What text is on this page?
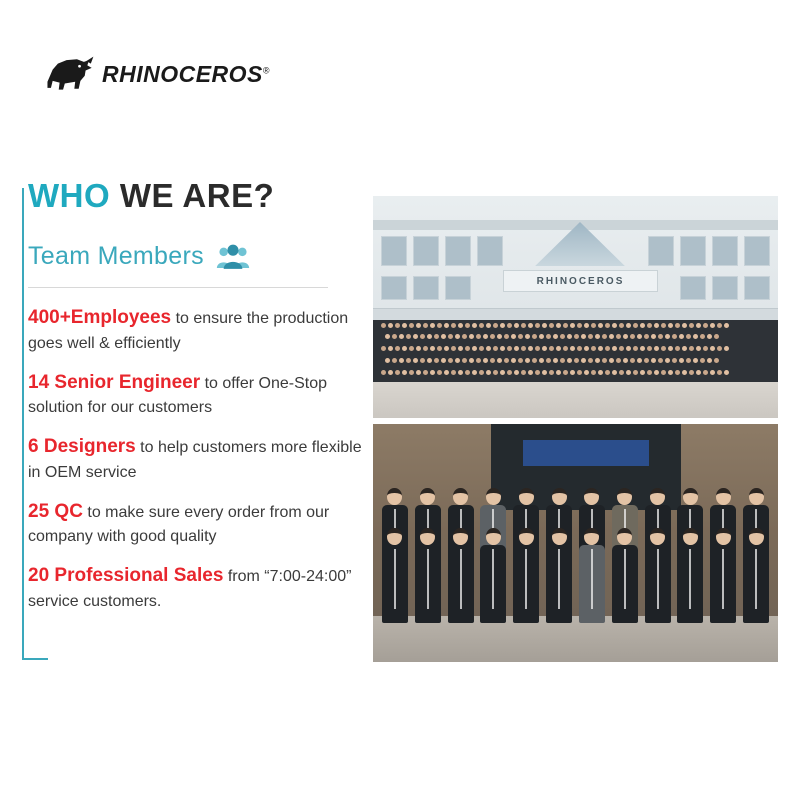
RHINOCEROS®
WHO WE ARE?
Team Members
400+Employees to ensure the production goes well & efficiently
14 Senior Engineer to offer One-Stop solution for our customers
6 Designers to help customers more flexible in OEM service
25 QC to make sure every order from our company with good quality
20 Professional Sales from “7:00-24:00” service customers.
RHINOCEROS
